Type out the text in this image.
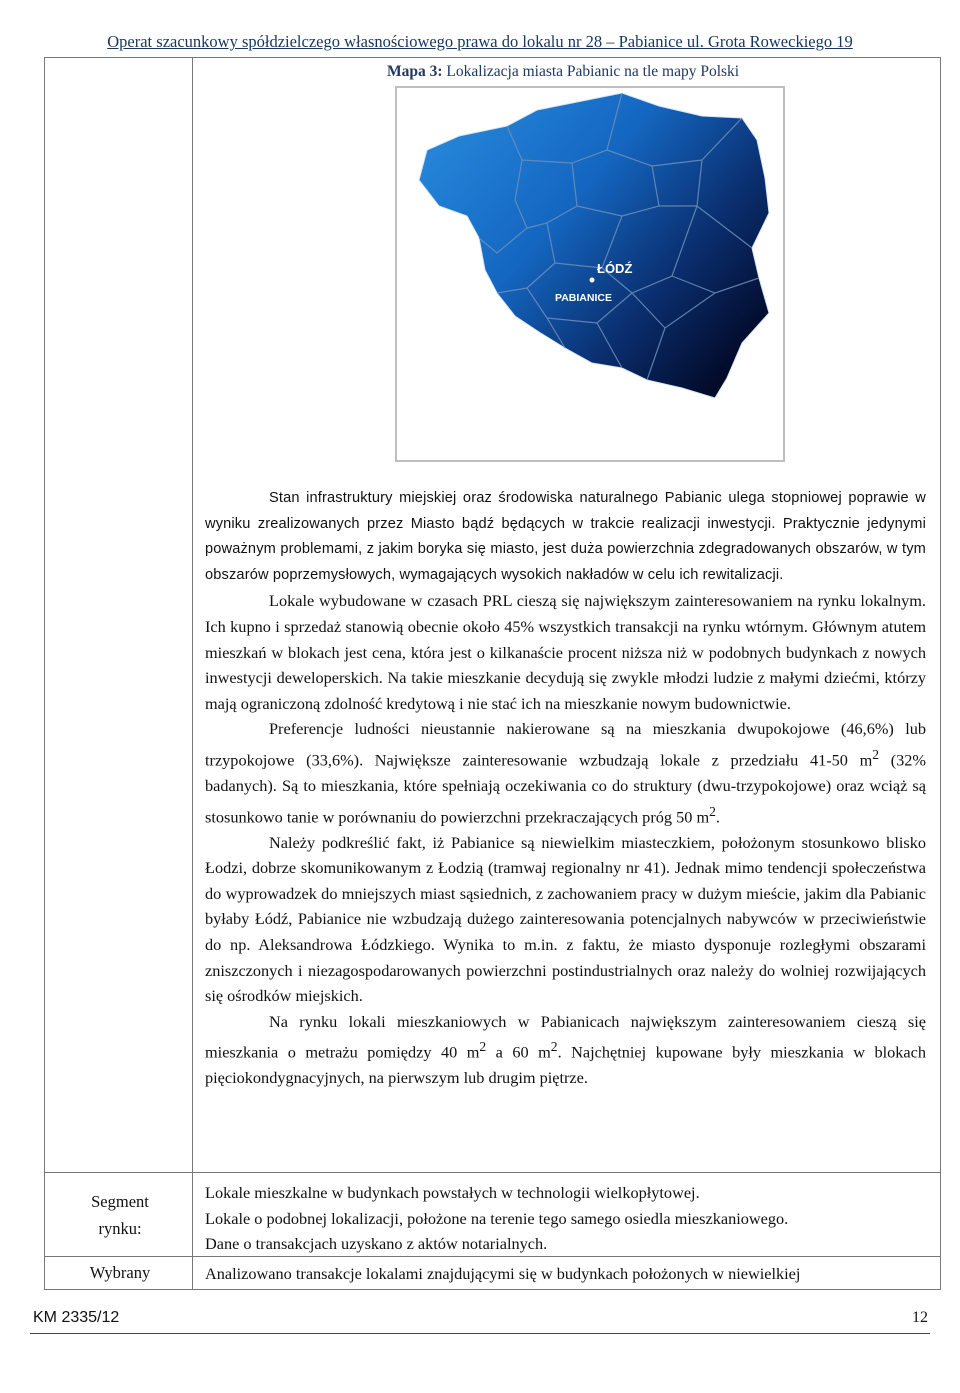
Operat szacunkowy spółdzielczego własnościowego prawa do lokalu nr 28 – Pabianice ul. Grota Roweckiego 19
Mapa 3: Lokalizacja miasta Pabianic na tle mapy Polski
ŁÓDŹ
PABIANICE

Stan infrastruktury miejskiej oraz środowiska naturalnego Pabianic ulega stopniowej poprawie w wyniku zrealizowanych przez Miasto bądź będących w trakcie realizacji inwestycji. Praktycznie jedynymi poważnym problemami, z jakim boryka się miasto, jest duża powierzchnia zdegradowanych obszarów, w tym obszarów poprzemysłowych, wymagających wysokich nakładów w celu ich rewitalizacji.

Lokale wybudowane w czasach PRL cieszą się największym zainteresowaniem na rynku lokalnym. Ich kupno i sprzedaż stanowią obecnie około 45% wszystkich transakcji na rynku wtórnym. Głównym atutem mieszkań w blokach jest cena, która jest o kilkanaście procent niższa niż w podobnych budynkach z nowych inwestycji deweloperskich. Na takie mieszkanie decydują się zwykle młodzi ludzie z małymi dziećmi, którzy mają ograniczoną zdolność kredytową i nie stać ich na mieszkanie nowym budownictwie.

Preferencje ludności nieustannie nakierowane są na mieszkania dwupokojowe (46,6%) lub trzypokojowe (33,6%). Największe zainteresowanie wzbudzają lokale z przedziału 41-50 $m^2$ (32% badanych). Są to mieszkania, które spełniają oczekiwania co do struktury (dwu-trzypokojowe) oraz wciąż są stosunkowo tanie w porównaniu do powierzchni przekraczających próg 50 $m^2$.

Należy podkreślić fakt, iż Pabianice są niewielkim miasteczkiem, położonym stosunkowo blisko Łodzi, dobrze skomunikowanym z Łodzią (tramwaj regionalny nr 41). Jednak mimo tendencji społeczeństwa do wyprowadzek do mniejszych miast sąsiednich, z zachowaniem pracy w dużym mieście, jakim dla Pabianic byłaby Łódź, Pabianice nie wzbudzają dużego zainteresowania potencjalnych nabywców w przeciwieństwie do np. Aleksandrowa Łódzkiego. Wynika to m.in. z faktu, że miasto dysponuje rozległymi obszarami zniszczonych i niezagospodarowanych powierzchni postindustrialnych oraz należy do wolniej rozwijających się ośrodków miejskich.

Na rynku lokali mieszkaniowych w Pabianicach największym zainteresowaniem cieszą się mieszkania o metrażu pomiędzy 40 $m^2$ a 60 $m^2$. Najchętniej kupowane były mieszkania w blokach pięciokondygnacyjnych, na pierwszym lub drugim piętrze.

Segment
rynku:
Lokale mieszkalne w budynkach powstałych w technologii wielkopłytowej.
Lokale o podobnej lokalizacji, położone na terenie tego samego osiedla mieszkaniowego.
Dane o transakcjach uzyskano z aktów notarialnych.
Wybrany	Analizowano transakcje lokalami znajdującymi się w budynkach położonych w niewielkiej
KM 2335/12	12
